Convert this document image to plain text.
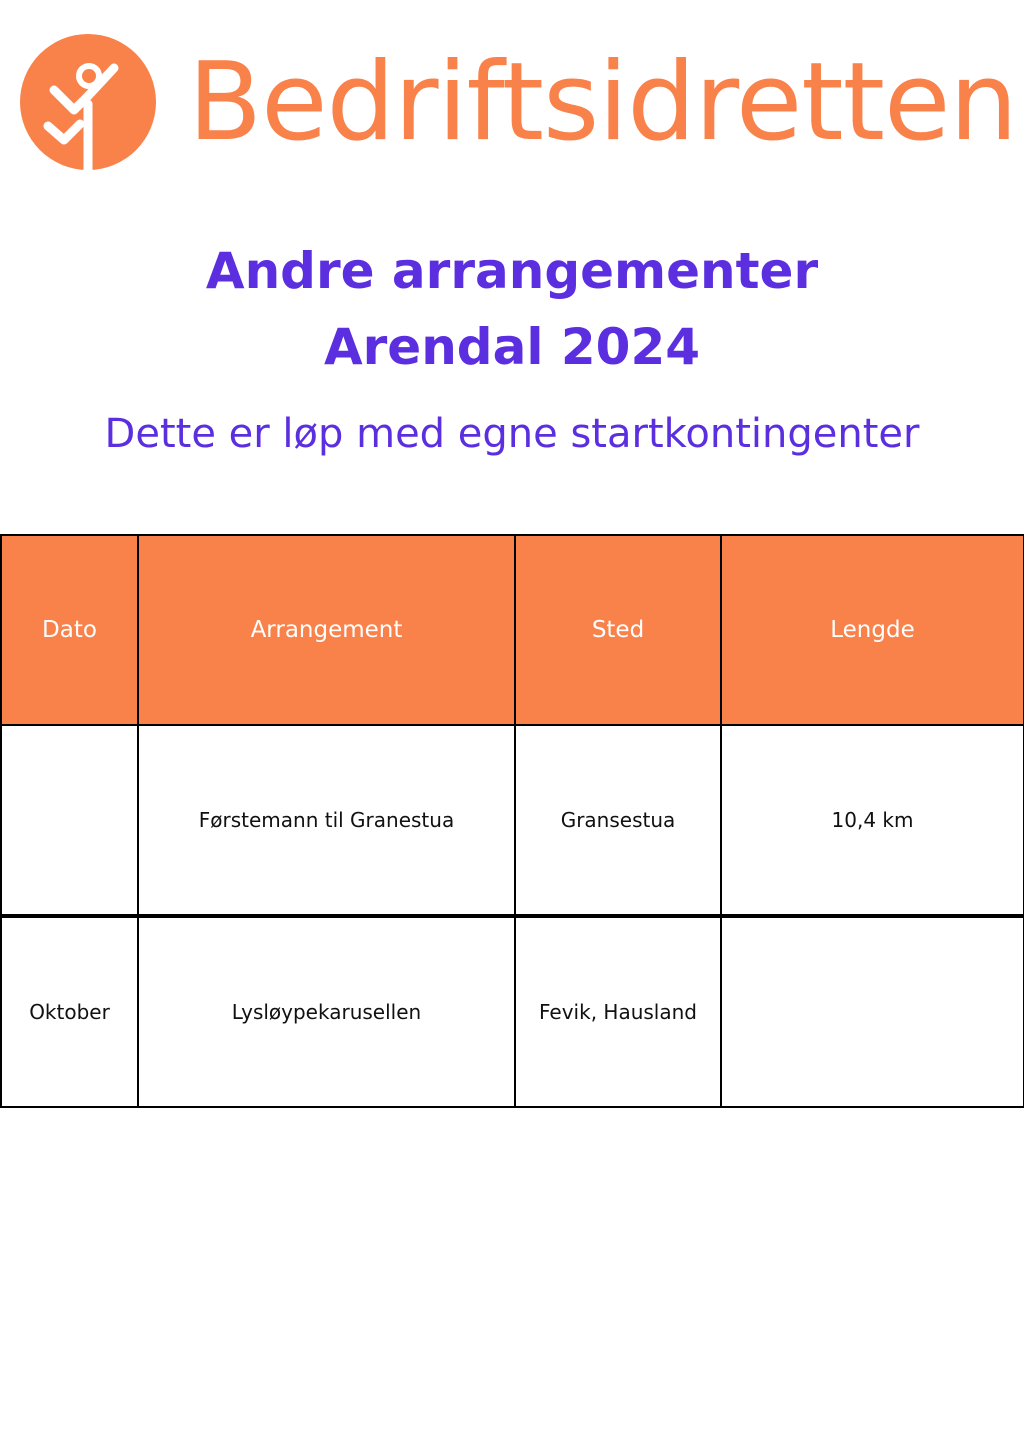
Bedriftsidretten
Andre arrangementer
Arendal 2024
Dette er løp med egne startkontingenter
Dato	Arrangement	Sted	Lengde
	Førstemann til Granestua	Gransestua	10,4 km
Oktober	Lysløypekarusellen	Fevik, Hausland	
